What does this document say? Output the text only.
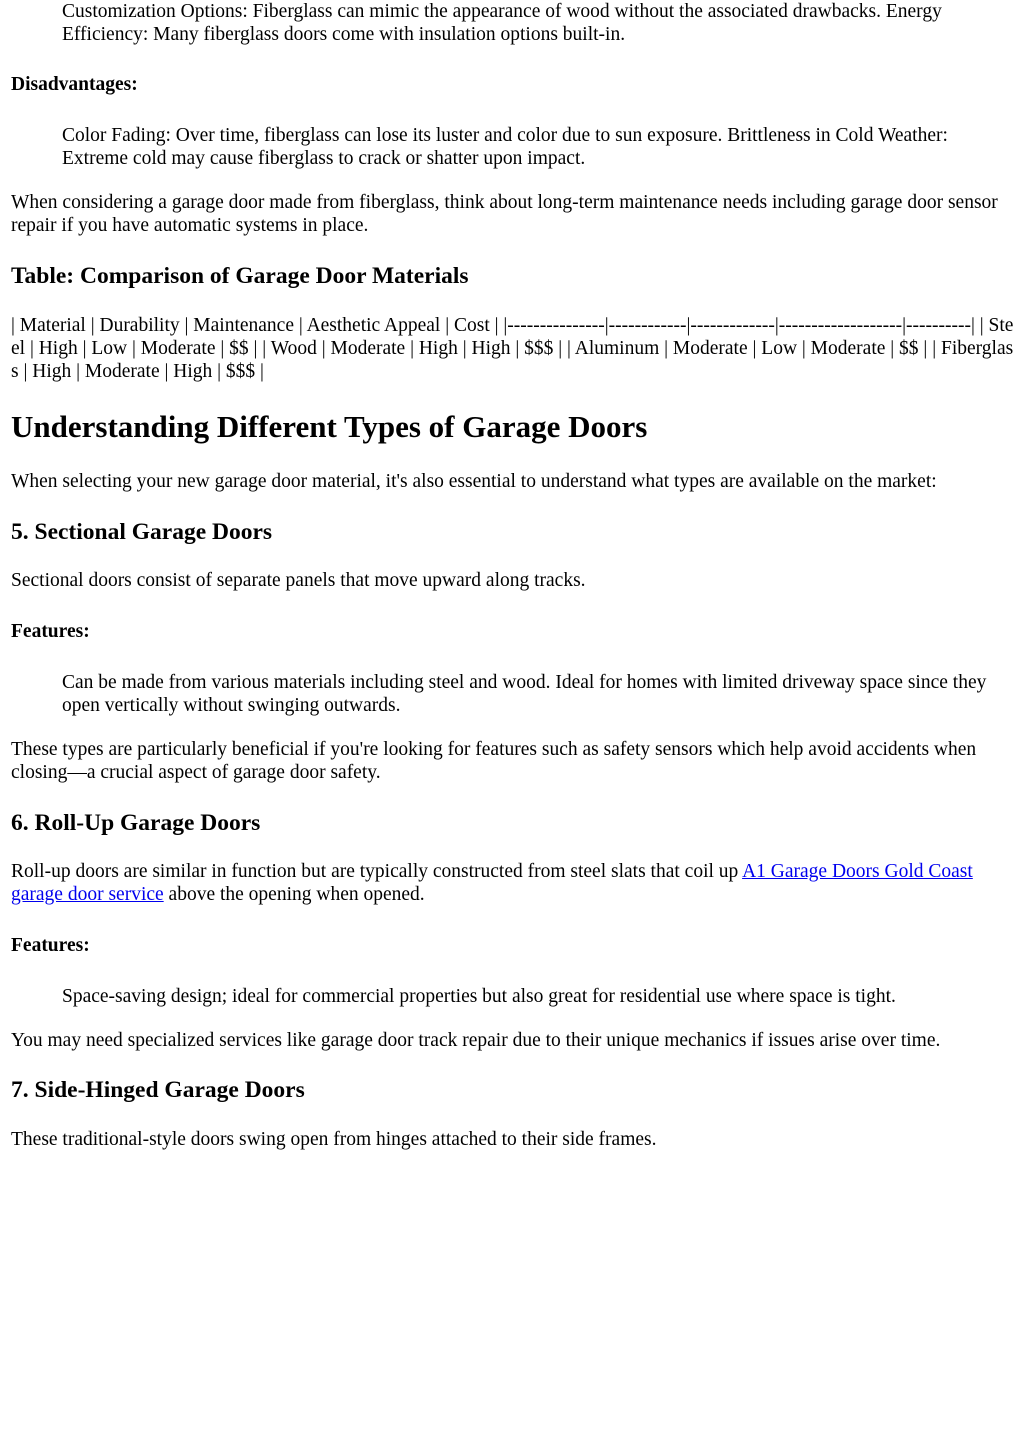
Customization Options: Fiberglass can mimic the appearance of wood without the associated drawbacks. Energy Efficiency: Many fiberglass doors come with insulation options built-in.

Disadvantages:

Color Fading: Over time, fiberglass can lose its luster and color due to sun exposure. Brittleness in Cold Weather: Extreme cold may cause fiberglass to crack or shatter upon impact.

When considering a garage door made from fiberglass, think about long-term maintenance needs including garage door sensor repair if you have automatic systems in place.

Table: Comparison of Garage Door Materials

| Material | Durability | Maintenance | Aesthetic Appeal | Cost | |---------------|------------|-------------|-------------------|----------| | Steel | High | Low | Moderate | $$ | | Wood | Moderate | High | High | $$$ | | Aluminum | Moderate | Low | Moderate | $$ | | Fiberglass | High | Moderate | High | $$$ |

Understanding Different Types of Garage Doors

When selecting your new garage door material, it's also essential to understand what types are available on the market:

5. Sectional Garage Doors

Sectional doors consist of separate panels that move upward along tracks.

Features:

Can be made from various materials including steel and wood. Ideal for homes with limited driveway space since they open vertically without swinging outwards.

These types are particularly beneficial if you're looking for features such as safety sensors which help avoid accidents when closing—a crucial aspect of garage door safety.

6. Roll-Up Garage Doors

Roll-up doors are similar in function but are typically constructed from steel slats that coil up A1 Garage Doors Gold Coast garage door service above the opening when opened.

Features:

Space-saving design; ideal for commercial properties but also great for residential use where space is tight.

You may need specialized services like garage door track repair due to their unique mechanics if issues arise over time.

7. Side-Hinged Garage Doors

These traditional-style doors swing open from hinges attached to their side frames.
